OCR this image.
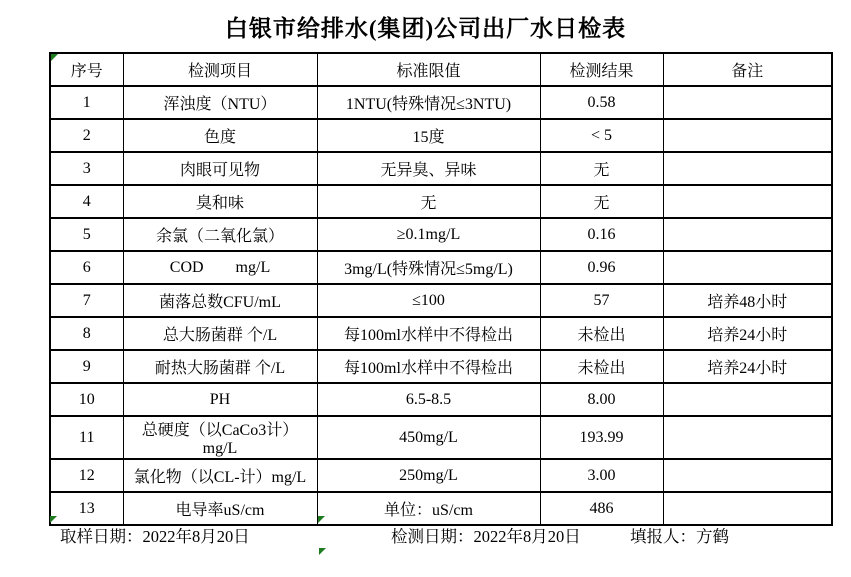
白银市给排水(集团)公司出厂水日检表
序号	检测项目	标准限值	检测结果	备注
1	浑浊度（NTU）	1NTU(特殊情况≤3NTU)	0.58	
2	色度	15度	< 5	
3	肉眼可见物	无异臭、异味	无	
4	臭和味	无	无	
5	余氯（二氧化氯）	≥0.1mg/L	0.16	
6	COD        mg/L	3mg/L(特殊情况≤5mg/L)	0.96	
7	菌落总数CFU/mL	≤100	57	培养48小时
8	总大肠菌群 个/L	每100ml水样中不得检出	未检出	培养24小时
9	耐热大肠菌群 个/L	每100ml水样中不得检出	未检出	培养24小时
10	PH	6.5-8.5	8.00	
11	总硬度（以CaCo3计）mg/L	450mg/L	193.99	
12	氯化物（以CL-计）mg/L	250mg/L	3.00	
13	电导率uS/cm	单位：uS/cm	486	
取样日期：2022年8月20日	检测日期：2022年8月20日	填报人：方鹤
